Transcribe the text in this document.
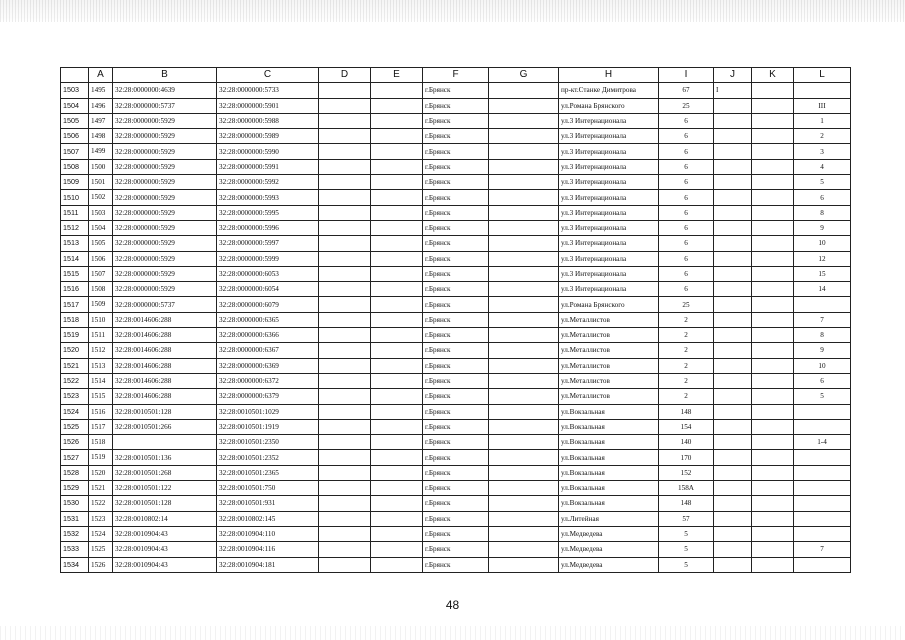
	A	B	C	D	E	F	G	H	I	J	K	L
1503	1495	32:28:0000000:4639	32:28:0000000:5733			г.Брянск		пр-кт.Станке Димитрова	67	I		
1504	1496	32:28:0000000:5737	32:28:0000000:5901			г.Брянск		ул.Романа Брянского	25			III
1505	1497	32:28:0000000:5929	32:28:0000000:5988			г.Брянск		ул.3 Интернационала	6			1
1506	1498	32:28:0000000:5929	32:28:0000000:5989			г.Брянск		ул.3 Интернационала	6			2
1507	1499	32:28:0000000:5929	32:28:0000000:5990			г.Брянск		ул.3 Интернационала	6			3
1508	1500	32:28:0000000:5929	32:28:0000000:5991			г.Брянск		ул.3 Интернационала	6			4
1509	1501	32:28:0000000:5929	32:28:0000000:5992			г.Брянск		ул.3 Интернационала	6			5
1510	1502	32:28:0000000:5929	32:28:0000000:5993			г.Брянск		ул.3 Интернационала	6			6
1511	1503	32:28:0000000:5929	32:28:0000000:5995			г.Брянск		ул.3 Интернационала	6			8
1512	1504	32:28:0000000:5929	32:28:0000000:5996			г.Брянск		ул.3 Интернационала	6			9
1513	1505	32:28:0000000:5929	32:28:0000000:5997			г.Брянск		ул.3 Интернационала	6			10
1514	1506	32:28:0000000:5929	32:28:0000000:5999			г.Брянск		ул.3 Интернационала	6			12
1515	1507	32:28:0000000:5929	32:28:0000000:6053			г.Брянск		ул.3 Интернационала	6			15
1516	1508	32:28:0000000:5929	32:28:0000000:6054			г.Брянск		ул.3 Интернационала	6			14
1517	1509	32:28:0000000:5737	32:28:0000000:6079			г.Брянск		ул.Романа Брянского	25			
1518	1510	32:28:0014606:288	32:28:0000000:6365			г.Брянск		ул.Металлистов	2			7
1519	1511	32:28:0014606:288	32:28:0000000:6366			г.Брянск		ул.Металлистов	2			8
1520	1512	32:28:0014606:288	32:28:0000000:6367			г.Брянск		ул.Металлистов	2			9
1521	1513	32:28:0014606:288	32:28:0000000:6369			г.Брянск		ул.Металлистов	2			10
1522	1514	32:28:0014606:288	32:28:0000000:6372			г.Брянск		ул.Металлистов	2			6
1523	1515	32:28:0014606:288	32:28:0000000:6379			г.Брянск		ул.Металлистов	2			5
1524	1516	32:28:0010501:128	32:28:0010501:1029			г.Брянск		ул.Вокзальная	148			
1525	1517	32:28:0010501:266	32:28:0010501:1919			г.Брянск		ул.Вокзальная	154			
1526	1518		32:28:0010501:2350			г.Брянск		ул.Вокзальная	140			1-4
1527	1519	32:28:0010501:136	32:28:0010501:2352			г.Брянск		ул.Вокзальная	170			
1528	1520	32:28:0010501:268	32:28:0010501:2365			г.Брянск		ул.Вокзальная	152			
1529	1521	32:28:0010501:122	32:28:0010501:750			г.Брянск		ул.Вокзальная	158А			
1530	1522	32:28:0010501:128	32:28:0010501:931			г.Брянск		ул.Вокзальная	148			
1531	1523	32:28:0010802:14	32:28:0010802:145			г.Брянск		ул.Литейная	57			
1532	1524	32:28:0010904:43	32:28:0010904:110			г.Брянск		ул.Медведева	5			
1533	1525	32:28:0010904:43	32:28:0010904:116			г.Брянск		ул.Медведева	5			7
1534	1526	32:28:0010904:43	32:28:0010904:181			г.Брянск		ул.Медведева	5			
48
